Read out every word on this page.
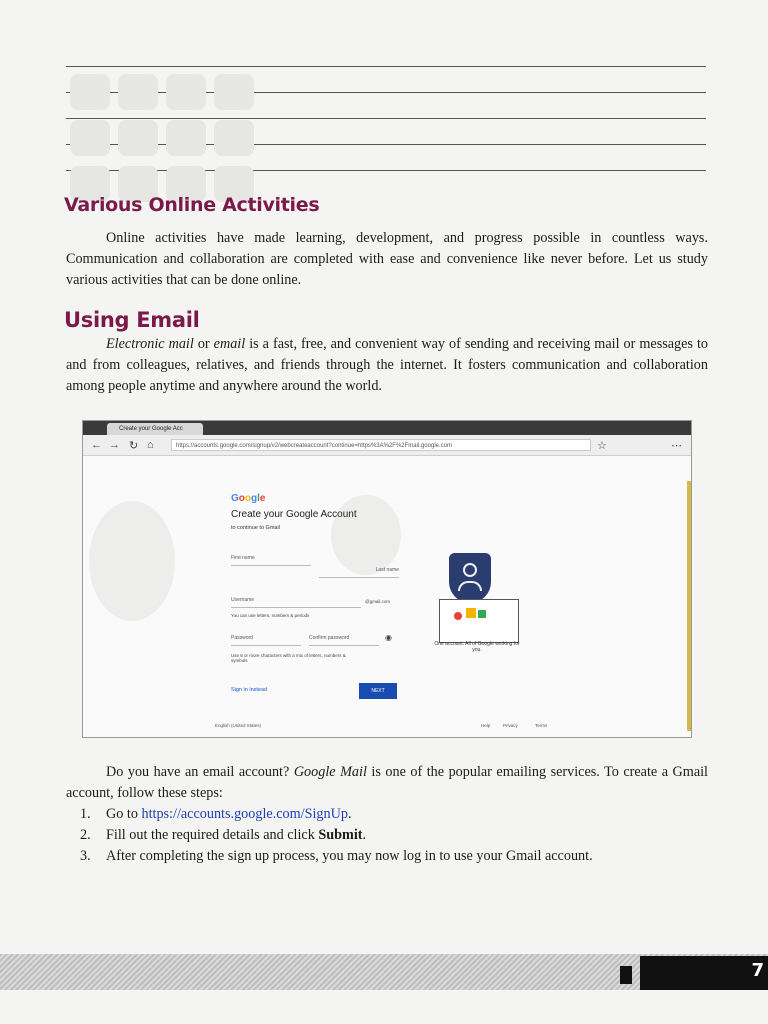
Various Online Activities
Online activities have made learning, development, and progress possible in countless ways. Communication and collaboration are completed with ease and convenience like never before. Let us study various activities that can be done online.
Using Email
Electronic mail or email is a fast, free, and convenient way of sending and receiving mail or messages to and from colleagues, relatives, and friends through the internet. It fosters communication and collaboration among people anytime and anywhere around the world.
Create your Google Acc
← → ↻ ⌂	https://accounts.google.com/signup/v2/webcreateaccount?continue=https%3A%2F%2Fmail.google.com	☆	⋯
Google
Create your Google Account
to continue to Gmail
First name
Last name
Username	@gmail.com
You can use letters, numbers & periods
Password	Confirm password	◉
Use 8 or more characters with a mix of letters, numbers & symbols
Sign in instead	NEXT
One account. All of Google working for you.
English (United States)	Help	Privacy	Terms
Do you have an email account? Google Mail is one of the popular emailing services. To create a Gmail account, follow these steps:
1. Go to https://accounts.google.com/SignUp.
2. Fill out the required details and click Submit.
3. After completing the sign up process, you may now log in to use your Gmail account.
7
